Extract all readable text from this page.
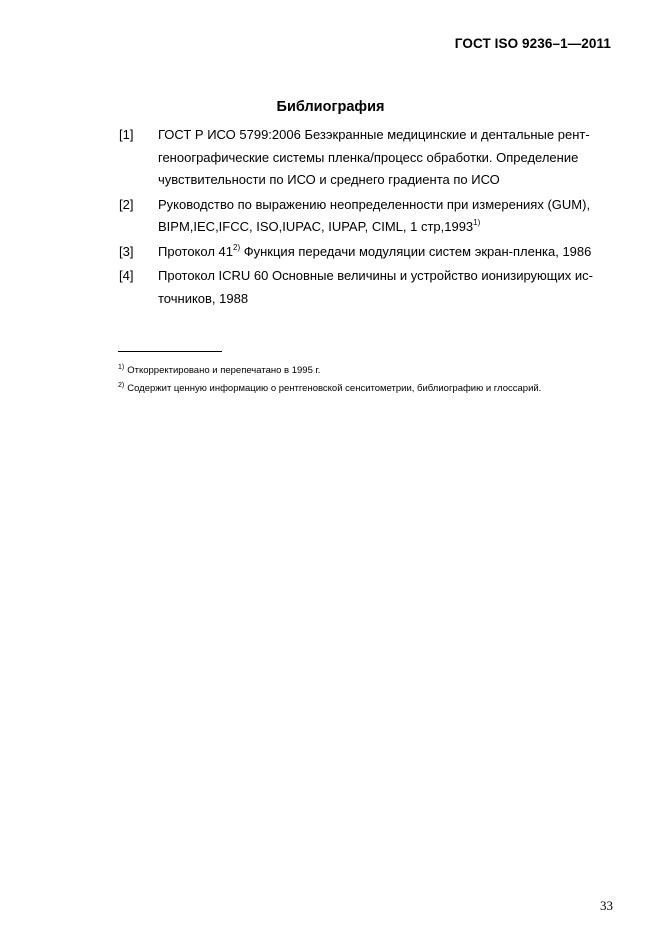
ГОСТ ISO 9236–1—2011
Библиография
[1]	ГОСТ Р ИСО 5799:2006 Безэкранные медицинские и дентальные рент-геноографические системы пленка/процесс обработки. Определение чувствительности по ИСО и среднего градиента по ИСО
[2]	Руководство по выражению неопределенности при измерениях (GUM), BIPM,IEC,IFCC, ISO,IUPAC, IUPAP, CIML, 1 стр,1993$^{1)}$
[3]	Протокол 41$^{2)}$ Функция передачи модуляции систем экран-пленка, 1986
[4]	Протокол ICRU 60 Основные величины и устройство ионизирующих ис-точников, 1988
$^{1)}$ Откорректировано и перепечатано в 1995 г.
$^{2)}$ Содержит ценную информацию о рентгеновской сенситометрии, библиографию и глоссарий.
33
